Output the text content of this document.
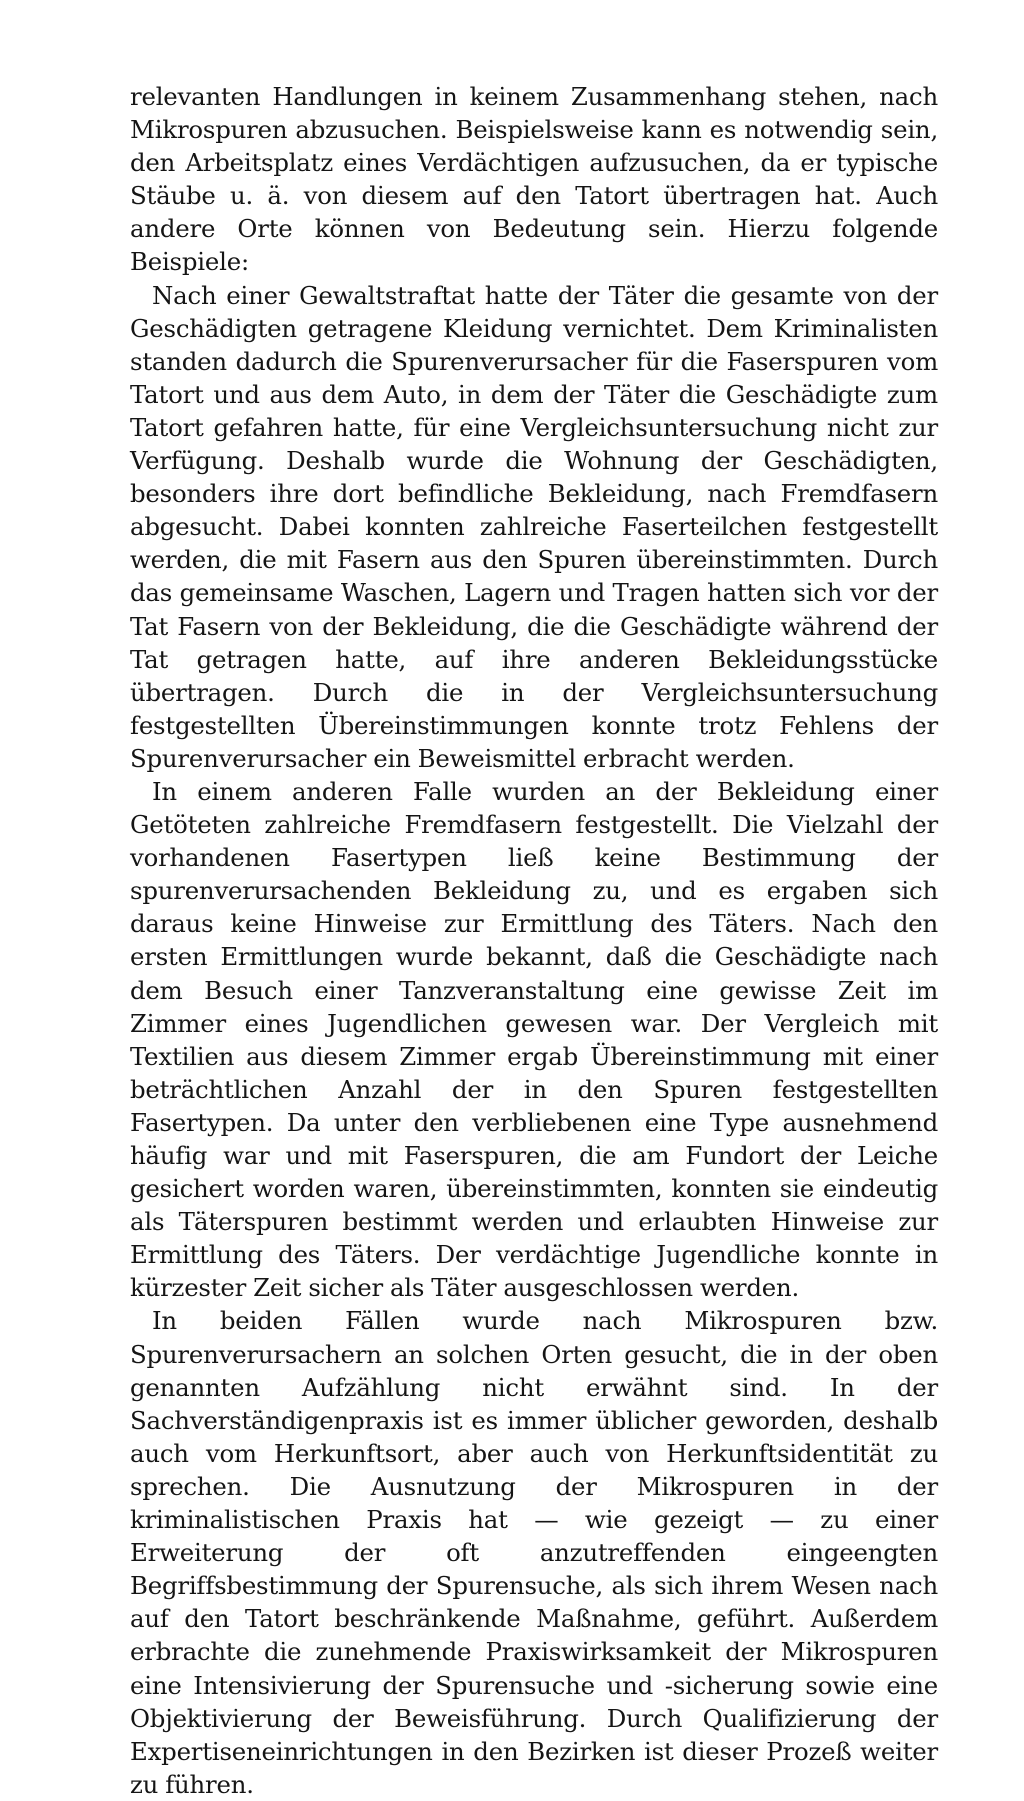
relevanten Handlungen in keinem Zusammenhang stehen, nach Mikrospuren abzusuchen. Beispielsweise kann es notwendig sein, den Arbeitsplatz eines Verdächtigen aufzusuchen, da er typische Stäube u. ä. von diesem auf den Tatort übertragen hat. Auch andere Orte können von Bedeutung sein. Hierzu folgende Beispiele:

Nach einer Gewaltstraftat hatte der Täter die gesamte von der Geschädigten getragene Kleidung vernichtet. Dem Kriminalisten standen dadurch die Spurenverursacher für die Faserspuren vom Tatort und aus dem Auto, in dem der Täter die Geschädigte zum Tatort gefahren hatte, für eine Vergleichsuntersuchung nicht zur Verfügung. Deshalb wurde die Wohnung der Geschädigten, besonders ihre dort befindliche Bekleidung, nach Fremdfasern abgesucht. Dabei konnten zahlreiche Faserteilchen festgestellt werden, die mit Fasern aus den Spuren übereinstimmten. Durch das gemeinsame Waschen, Lagern und Tragen hatten sich vor der Tat Fasern von der Bekleidung, die die Geschädigte während der Tat getragen hatte, auf ihre anderen Bekleidungsstücke übertragen. Durch die in der Vergleichsuntersuchung festgestellten Übereinstimmungen konnte trotz Fehlens der Spurenverursacher ein Beweismittel erbracht werden.

In einem anderen Falle wurden an der Bekleidung einer Getöteten zahlreiche Fremdfasern festgestellt. Die Vielzahl der vorhandenen Fasertypen ließ keine Bestimmung der spurenverursachenden Bekleidung zu, und es ergaben sich daraus keine Hinweise zur Ermittlung des Täters. Nach den ersten Ermittlungen wurde bekannt, daß die Geschädigte nach dem Besuch einer Tanzveranstaltung eine gewisse Zeit im Zimmer eines Jugendlichen gewesen war. Der Vergleich mit Textilien aus diesem Zimmer ergab Übereinstimmung mit einer beträchtlichen Anzahl der in den Spuren festgestellten Fasertypen. Da unter den verbliebenen eine Type ausnehmend häufig war und mit Faserspuren, die am Fundort der Leiche gesichert worden waren, übereinstimmten, konnten sie eindeutig als Täterspuren bestimmt werden und erlaubten Hinweise zur Ermittlung des Täters. Der verdächtige Jugendliche konnte in kürzester Zeit sicher als Täter ausgeschlossen werden.

In beiden Fällen wurde nach Mikrospuren bzw. Spurenverursachern an solchen Orten gesucht, die in der oben genannten Aufzählung nicht erwähnt sind. In der Sachverständigenpraxis ist es immer üblicher geworden, deshalb auch vom Herkunftsort, aber auch von Herkunftsidentität zu sprechen. Die Ausnutzung der Mikrospuren in der kriminalistischen Praxis hat — wie gezeigt — zu einer Erweiterung der oft anzutreffenden eingeengten Begriffsbestimmung der Spurensuche, als sich ihrem Wesen nach auf den Tatort beschränkende Maßnahme, geführt. Außerdem erbrachte die zunehmende Praxiswirksamkeit der Mikrospuren eine Intensivierung der Spurensuche und -sicherung sowie eine Objektivierung der Beweisführung. Durch Qualifizierung der Expertiseneinrichtungen in den Bezirken ist dieser Prozeß weiter zu führen.
